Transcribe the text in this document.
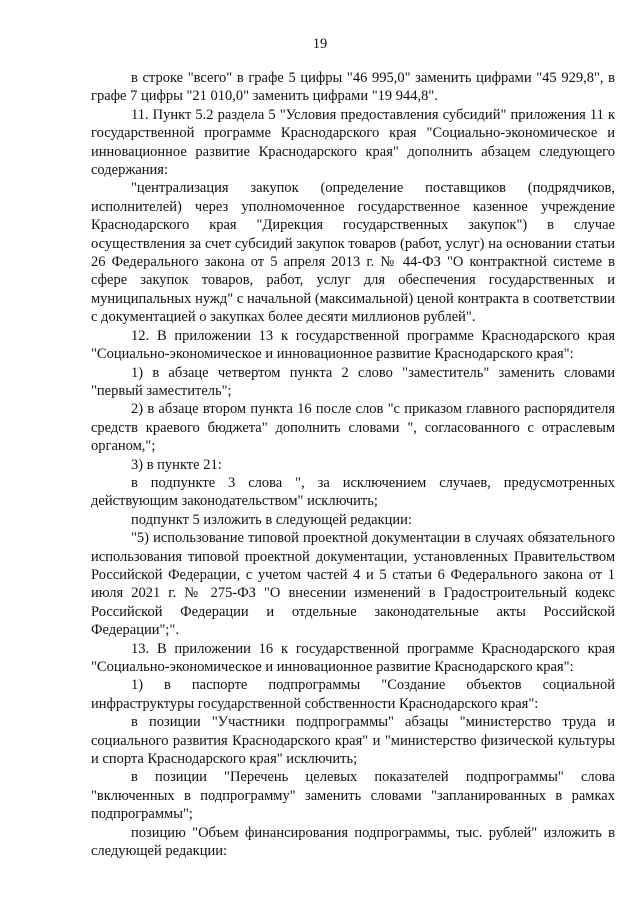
19

в строке "всего" в графе 5 цифры "46 995,0" заменить цифрами "45 929,8", в графе 7 цифры "21 010,0" заменить цифрами "19 944,8".

11. Пункт 5.2 раздела 5 "Условия предоставления субсидий" приложения 11 к государственной программе Краснодарского края "Социально-экономическое и инновационное развитие Краснодарского края" дополнить абзацем следующего содержания:

"централизация закупок (определение поставщиков (подрядчиков, исполнителей) через уполномоченное государственное казенное учреждение Краснодарского края "Дирекция государственных закупок") в случае осуществления за счет субсидий закупок товаров (работ, услуг) на основании статьи 26 Федерального закона от 5 апреля 2013 г. № 44-ФЗ "О контрактной системе в сфере закупок товаров, работ, услуг для обеспечения государственных и муниципальных нужд" с начальной (максимальной) ценой контракта в соответствии с документацией о закупках более десяти миллионов рублей".

12. В приложении 13 к государственной программе Краснодарского края "Социально-экономическое и инновационное развитие Краснодарского края":

1) в абзаце четвертом пункта 2 слово "заместитель" заменить словами "первый заместитель";

2) в абзаце втором пункта 16 после слов "с приказом главного распорядителя средств краевого бюджета" дополнить словами ", согласованного с отраслевым органом,";

3) в пункте 21:

в подпункте 3 слова ", за исключением случаев, предусмотренных действующим законодательством" исключить;

подпункт 5 изложить в следующей редакции:

"5) использование типовой проектной документации в случаях обязательного использования типовой проектной документации, установленных Правительством Российской Федерации, с учетом частей 4 и 5 статьи 6 Федерального закона от 1 июля 2021 г. № 275-ФЗ "О внесении изменений в Градостроительный кодекс Российской Федерации и отдельные законодательные акты Российской Федерации";".

13. В приложении 16 к государственной программе Краснодарского края "Социально-экономическое и инновационное развитие Краснодарского края":

1) в паспорте подпрограммы "Создание объектов социальной инфраструктуры государственной собственности Краснодарского края":

в позиции "Участники подпрограммы" абзацы "министерство труда и социального развития Краснодарского края" и "министерство физической культуры и спорта Краснодарского края" исключить;

в позиции "Перечень целевых показателей подпрограммы" слова "включенных в подпрограмму" заменить словами "запланированных в рамках подпрограммы";

позицию "Объем финансирования подпрограммы, тыс. рублей" изложить в следующей редакции:
